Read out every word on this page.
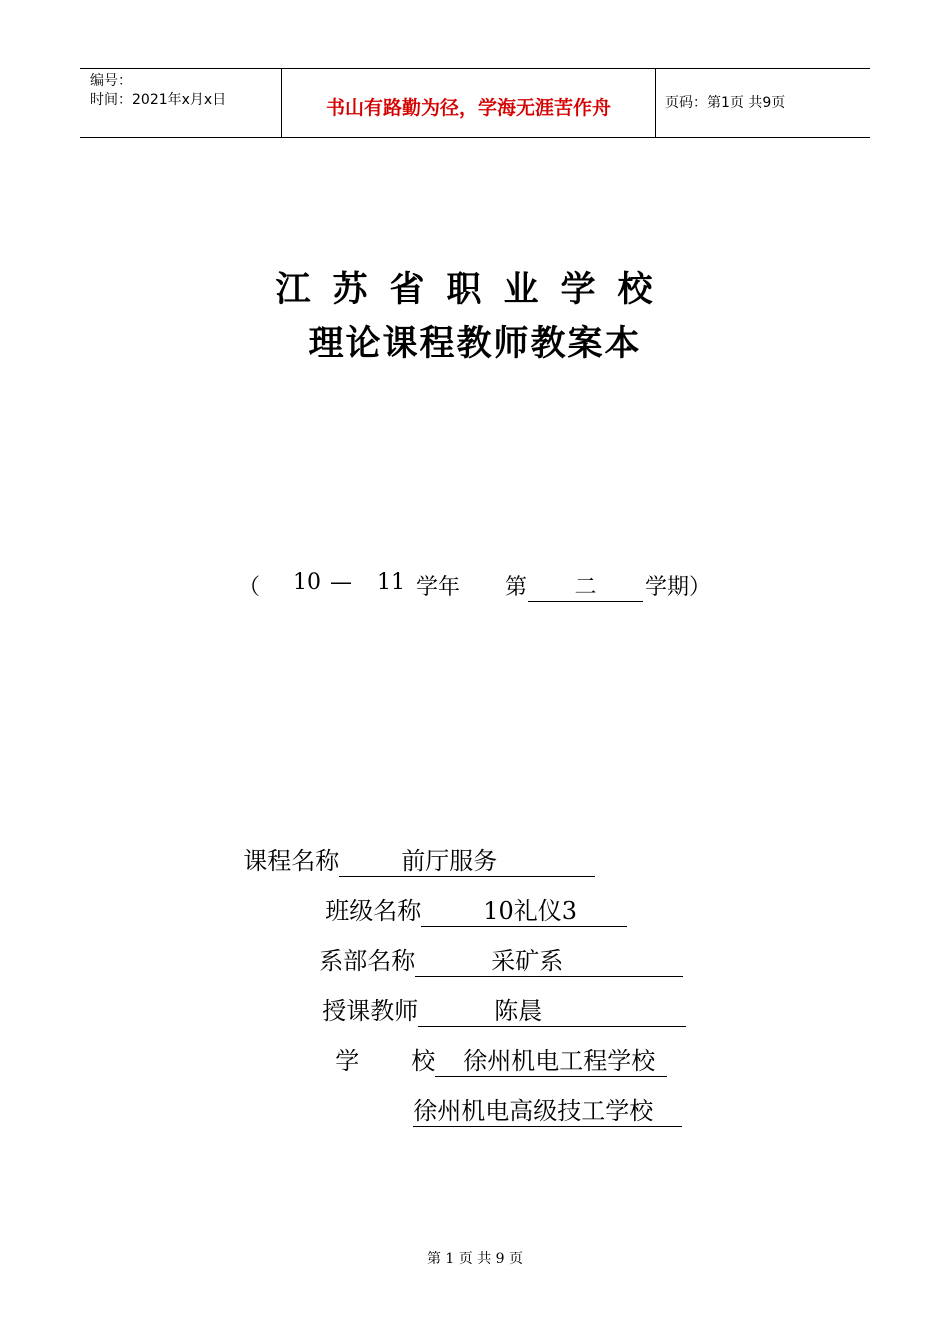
编号：
时间：2021年x月x日	书山有路勤为径，学海无涯苦作舟	页码：第1页 共9页
江苏省职业学校
理论课程教师教案本
（ 10 — 11 学年 第	二	学期）

课程名称	前厅服务

班级名称	10礼仪3

系部名称	采矿系

授课教师	陈晨

学	校 徐州机电工程学校

徐州机电高级技工学校

第 1 页 共 9 页
